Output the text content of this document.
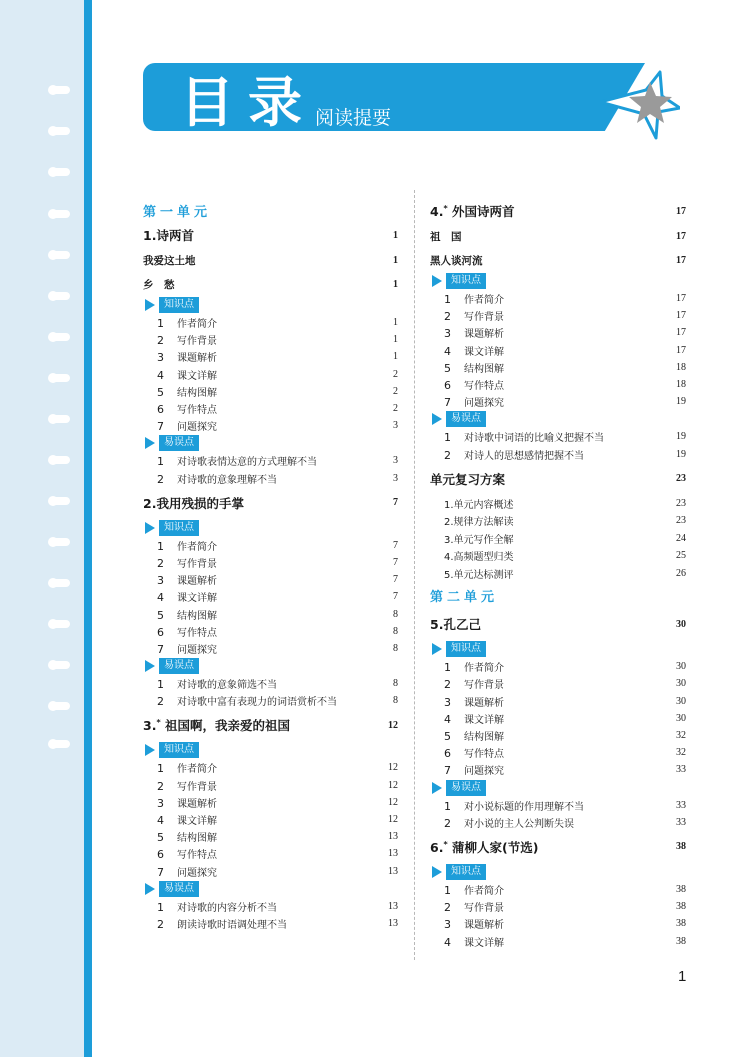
目录 阅读提要
第一单元
1.诗两首	1
我爱这土地	1
乡　愁	1
知识点
1 作者简介	1
2 写作背景	1
3 课题解析	1
4 课文详解	2
5 结构图解	2
6 写作特点	2
7 问题探究	3
易误点
1 对诗歌表情达意的方式理解不当	3
2 对诗歌的意象理解不当	3
2.我用残损的手掌	7
知识点
1 作者简介	7
2 写作背景	7
3 课题解析	7
4 课文详解	7
5 结构图解	8
6 写作特点	8
7 问题探究	8
易误点
1 对诗歌的意象筛选不当	8
2 对诗歌中富有表现力的词语赏析不当	8
3.* 祖国啊，我亲爱的祖国	12
知识点
1 作者简介	12
2 写作背景	12
3 课题解析	12
4 课文详解	12
5 结构图解	13
6 写作特点	13
7 问题探究	13
易误点
1 对诗歌的内容分析不当	13
2 朗读诗歌时语调处理不当	13
4.* 外国诗两首	17
祖　国	17
黑人谈河流	17
知识点
1 作者简介	17
2 写作背景	17
3 课题解析	17
4 课文详解	17
5 结构图解	18
6 写作特点	18
7 问题探究	19
易误点
1 对诗歌中词语的比喻义把握不当	19
2 对诗人的思想感情把握不当	19
单元复习方案	23
1.单元内容概述	23
2.规律方法解读	23
3.单元写作全解	24
4.高频题型归类	25
5.单元达标测评	26
第二单元
5.孔乙己	30
知识点
1 作者简介	30
2 写作背景	30
3 课题解析	30
4 课文详解	30
5 结构图解	32
6 写作特点	32
7 问题探究	33
易误点
1 对小说标题的作用理解不当	33
2 对小说的主人公判断失误	33
6.* 蒲柳人家(节选)	38
知识点
1 作者简介	38
2 写作背景	38
3 课题解析	38
4 课文详解	38
1
